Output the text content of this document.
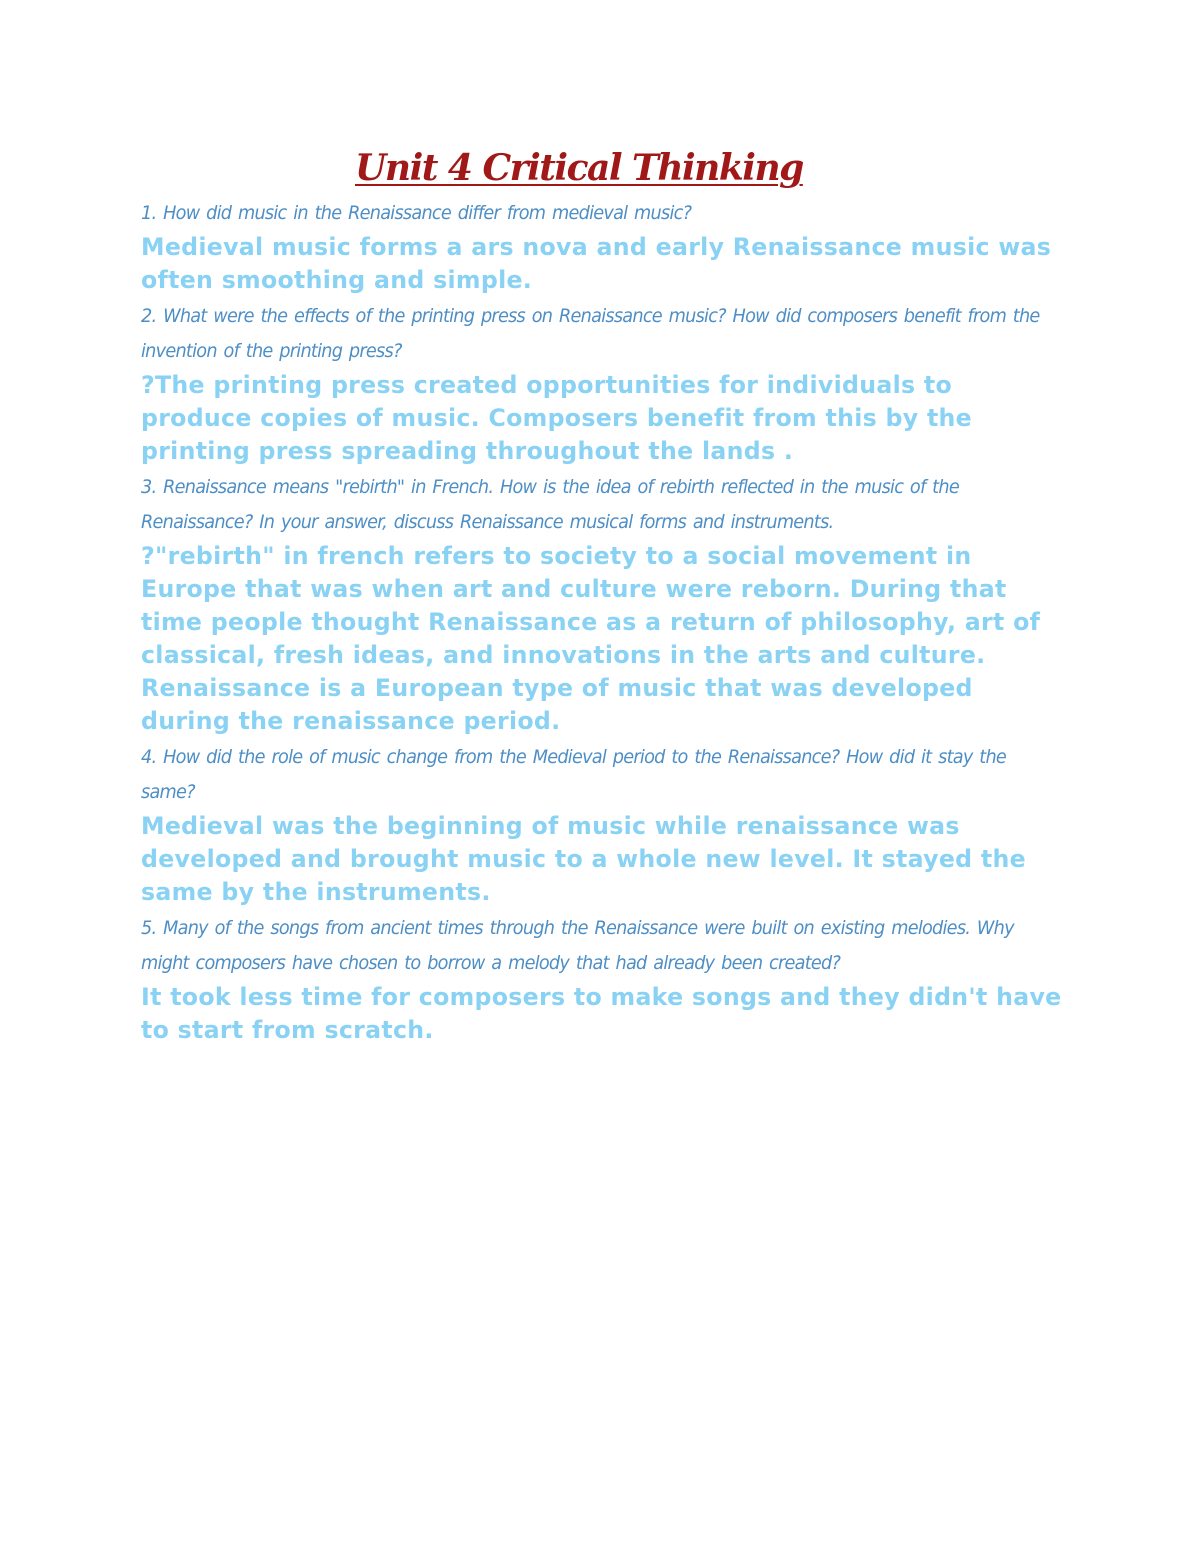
Unit 4 Critical Thinking

1. How did music in the Renaissance differ from medieval music?

Medieval music forms a ars nova and early Renaissance music was often smoothing and simple.

2. What were the effects of the printing press on Renaissance music? How did composers benefit from the invention of the printing press?

?The printing press created opportunities for individuals to produce copies of music. Composers benefit from this by the printing press spreading throughout the lands .

3. Renaissance means "rebirth" in French. How is the idea of rebirth reflected in the music of the Renaissance? In your answer, discuss Renaissance musical forms and instruments.

?"rebirth" in french refers to society to a social movement in Europe that was when art and culture were reborn. During that time people thought Renaissance as a return of philosophy, art of classical, fresh ideas, and innovations in the arts and culture. Renaissance is a European type of music that was developed during the renaissance period.

4. How did the role of music change from the Medieval period to the Renaissance? How did it stay the same?

Medieval was the beginning of music while renaissance was developed and brought music to a whole new level. It stayed the same by the instruments.

5. Many of the songs from ancient times through the Renaissance were built on existing melodies. Why might composers have chosen to borrow a melody that had already been created?

It took less time for composers to make songs and they didn't have to start from scratch.
